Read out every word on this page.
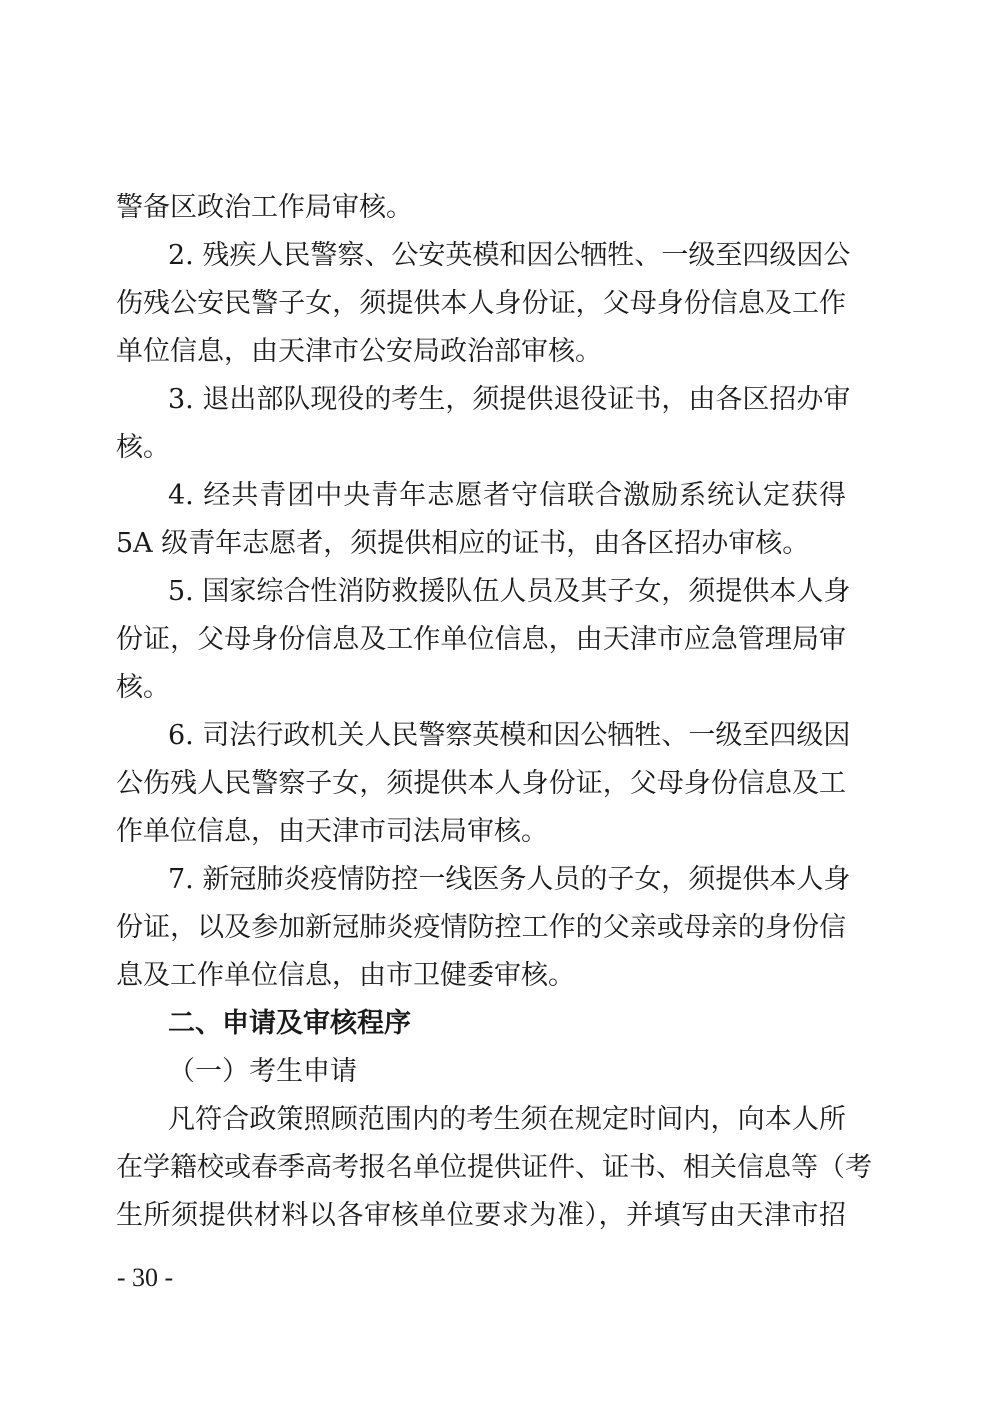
警备区政治工作局审核。
2. 残疾人民警察、公安英模和因公牺牲、一级至四级因公
伤残公安民警子女，须提供本人身份证，父母身份信息及工作
单位信息，由天津市公安局政治部审核。
3. 退出部队现役的考生，须提供退役证书，由各区招办审
核。
4. 经共青团中央青年志愿者守信联合激励系统认定获得
5A 级青年志愿者，须提供相应的证书，由各区招办审核。
5. 国家综合性消防救援队伍人员及其子女，须提供本人身
份证，父母身份信息及工作单位信息，由天津市应急管理局审
核。
6. 司法行政机关人民警察英模和因公牺牲、一级至四级因
公伤残人民警察子女，须提供本人身份证，父母身份信息及工
作单位信息，由天津市司法局审核。
7. 新冠肺炎疫情防控一线医务人员的子女，须提供本人身
份证，以及参加新冠肺炎疫情防控工作的父亲或母亲的身份信
息及工作单位信息，由市卫健委审核。
二、申请及审核程序
（一）考生申请
凡符合政策照顾范围内的考生须在规定时间内，向本人所
在学籍校或春季高考报名单位提供证件、证书、相关信息等（考
生所须提供材料以各审核单位要求为准），并填写由天津市招
- 30 -
